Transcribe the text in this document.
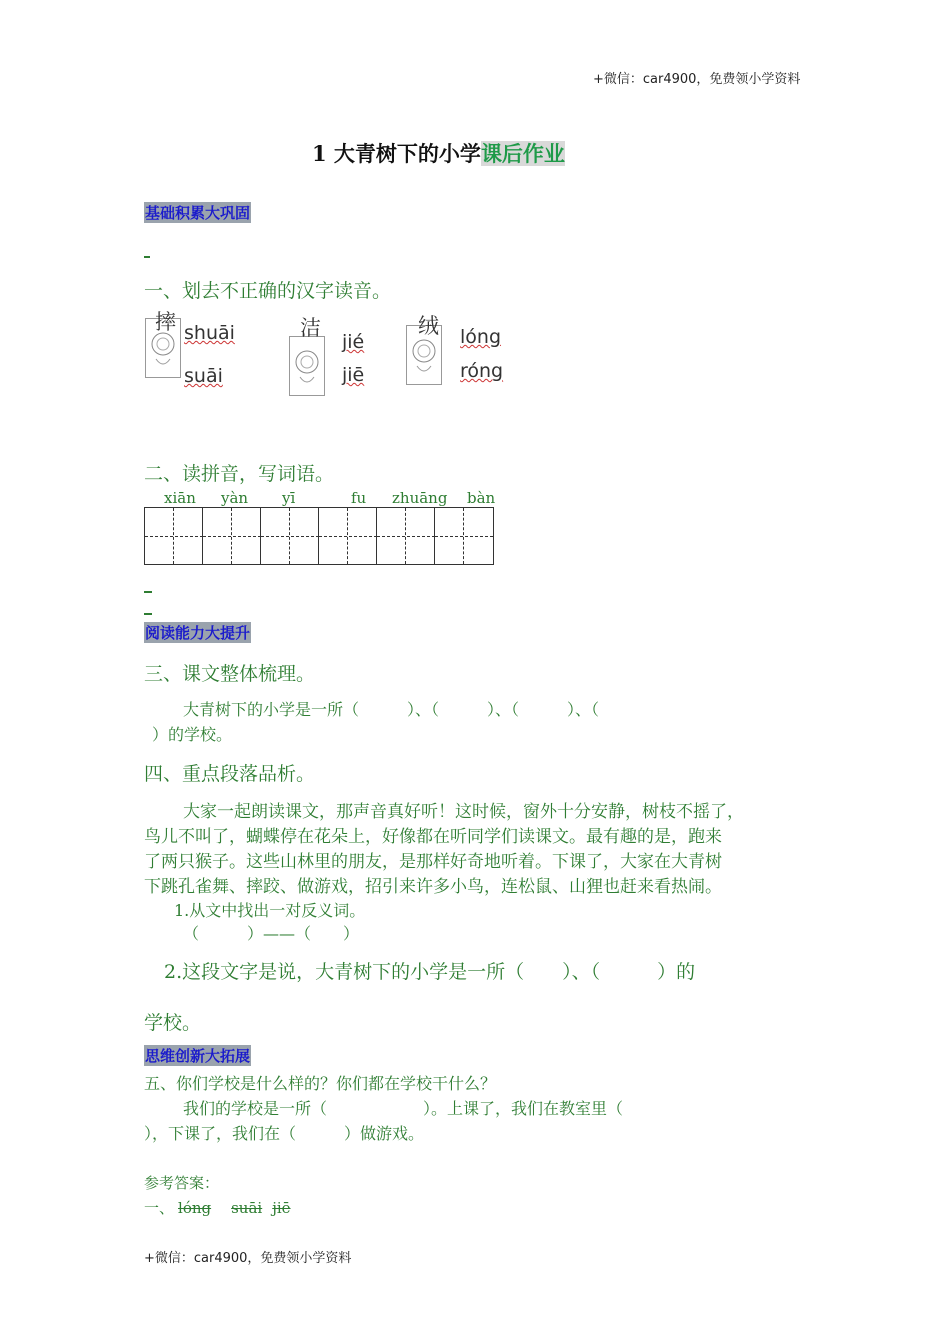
+微信：car4900，免费领小学资料
1 大青树下的小学课后作业
基础积累大巩固
一、划去不正确的汉字读音。
摔 shuāi
suāi
洁
jié
jiē
绒 lóng
róng
二、读拼音，写词语。
xiān yàn yī	fu zhuāng bàn
阅读能力大提升
三、课文整体梳理。
大青树下的小学是一所（　　　）、（　　　）、（　　　）、（
）的学校。
四、重点段落品析。
大家一起朗读课文，那声音真好听！这时候，窗外十分安静，树枝不摇了，
鸟儿不叫了，蝴蝶停在花朵上，好像都在听同学们读课文。最有趣的是，跑来
了两只猴子。这些山林里的朋友，是那样好奇地听着。下课了，大家在大青树
下跳孔雀舞、摔跤、做游戏，招引来许多小鸟，连松鼠、山狸也赶来看热闹。
1.从文中找出一对反义词。
（　　　）——（　　）
2.这段文字是说，大青树下的小学是一所（　　）、（　　　）的
学校。
思维创新大拓展
五、你们学校是什么样的？你们都在学校干什么？
我们的学校是一所（　　　　　　）。上课了，我们在教室里（
），下课了，我们在（　　　）做游戏。
参考答案：
一、 lóng suāi jiē
+微信：car4900，免费领小学资料
